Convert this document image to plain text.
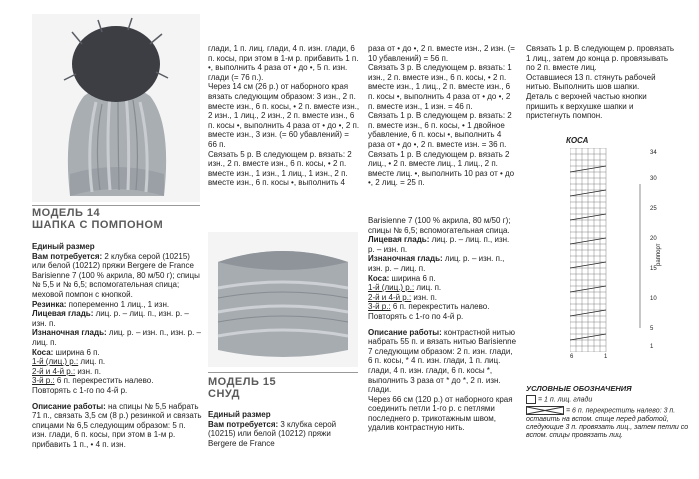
МОДЕЛЬ 14
ШАПКА С ПОМПОНОМ

Единый размер

Вам потребуется: 2 клубка серой (10215) или белой (10212) пряжи Bergere de France Barisienne 7 (100 % акрила, 80 м/50 г); спицы № 5,5 и № 6,5; вспомогательная спица; меховой помпон с кнопкой.

Резинка: попеременно 1 лиц., 1 изн.

Лицевая гладь: лиц. р. – лиц. п., изн. р. – изн. п.

Изнаночная гладь: лиц. р. – изн. п., изн. р. – лиц. п.

Коса: ширина 6 п.

1-й (лиц.) р.: лиц. п.

2-й и 4-й р.: изн. п.

3-й р.: 6 п. перекрестить налево.

Повторять с 1-го по 4-й р.

Описание работы: на спицы № 5,5 набрать 71 п., связать 3,5 см (8 р.) резинкой и связать спицами № 6,5 следующим образом: 5 п. изн. глади, 6 п. косы, при этом в 1-м р. прибавить 1 п., • 4 п. изн.

глади, 1 п. лиц. глади, 4 п. изн. глади, 6 п. косы, при этом в 1-м р. прибавить 1 п. •, выполнить 4 раза от • до •, 5 п. изн. глади (= 76 п.).

Через 14 см (26 р.) от наборного края вязать следующим образом: 3 изн., 2 п. вместе изн., 6 п. косы, • 2 п. вместе изн., 2 изн., 1 лиц., 2 изн., 2 п. вместе изн., 6 п. косы •, выполнить 4 раза от • до •, 2 п. вместе изн., 3 изн. (= 60 убавлений) = 66 п.

Связать 5 р. В следующем р. вязать: 2 изн., 2 п. вместе изн., 6 п. косы, • 2 п. вместе изн., 1 изн., 1 лиц., 1 изн., 2 п. вместе изн., 6 п. косы •, выполнить 4

раза от • до •, 2 п. вместе изн., 2 изн. (= 10 убавлений) = 56 п.

Связать 3 р. В следующем р. вязать: 1 изн., 2 п. вместе изн., 6 п. косы, • 2 п. вместе изн., 1 лиц., 2 п. вместе изн., 6 п. косы •, выполнить 4 раза от • до •, 2 п. вместе изн., 1 изн. = 46 п.

Связать 1 р. В следующем р. вязать: 2 п. вместе изн., 6 п. косы, • 1 двойное убавление, 6 п. косы •, выполнить 4 раза от • до •, 2 п. вместе изн. = 36 п.

Связать 1 р. В следующем р. вязать 2 лиц., • 2 п. вместе лиц., 1 лиц., 2 п. вместе лиц. •, выполнить 10 раз от • до •, 2 лиц. = 25 п.

Связать 1 р. В следующем р. провязать 1 лиц., затем до конца р. провязывать по 2 п. вместе лиц.

Оставшиеся 13 п. стянуть рабочей нитью. Выполнить шов шапки.

Деталь с верхней частью кнопки пришить к верхушке шапки и пристегнуть помпон.

МОДЕЛЬ 15
СНУД

Единый размер

Вам потребуется: 3 клубка серой (10215) или белой (10212) пряжи Bergere de France

Barisienne 7 (100 % акрила, 80 м/50 г); спицы № 6,5; вспомогательная спица.

Лицевая гладь: лиц. р. – лиц. п., изн. р. – изн. п.

Изнаночная гладь: лиц. р. – изн. п., изн. р. – лиц. п.

Коса: ширина 6 п.

1-й (лиц.) р.: лиц. п.

2-й и 4-й р.: изн. п.

3-й р.: 6 п. перекрестить налево.

Повторять с 1-го по 4-й р.

Описание работы: контрастной нитью набрать 55 п. и вязать нитью Barisienne 7 следующим образом: 2 п. изн. глади, 6 п. косы, * 4 п. изн. глади, 1 п. лиц. глади, 4 п. изн. глади, 6 п. косы *, выполнить 3 раза от * до *, 2 п. изн. глади.

Через 66 см (120 р.) от наборного края соединить петли 1-го р. с петлями последнего р. трикотажным швом, удалив контрастную нить.

КОСА
34
30
25
20
15
10
5
1
6	1
раппорт
УСЛОВНЫЕ ОБОЗНАЧЕНИЯ
= 1 п. лиц. глади
= 6 п. перекрестить налево: 3 п. оставить на вспом. спице перед работой, следующие 3 п. провязать лиц., затем петли со вспом. спицы провязать лиц.
